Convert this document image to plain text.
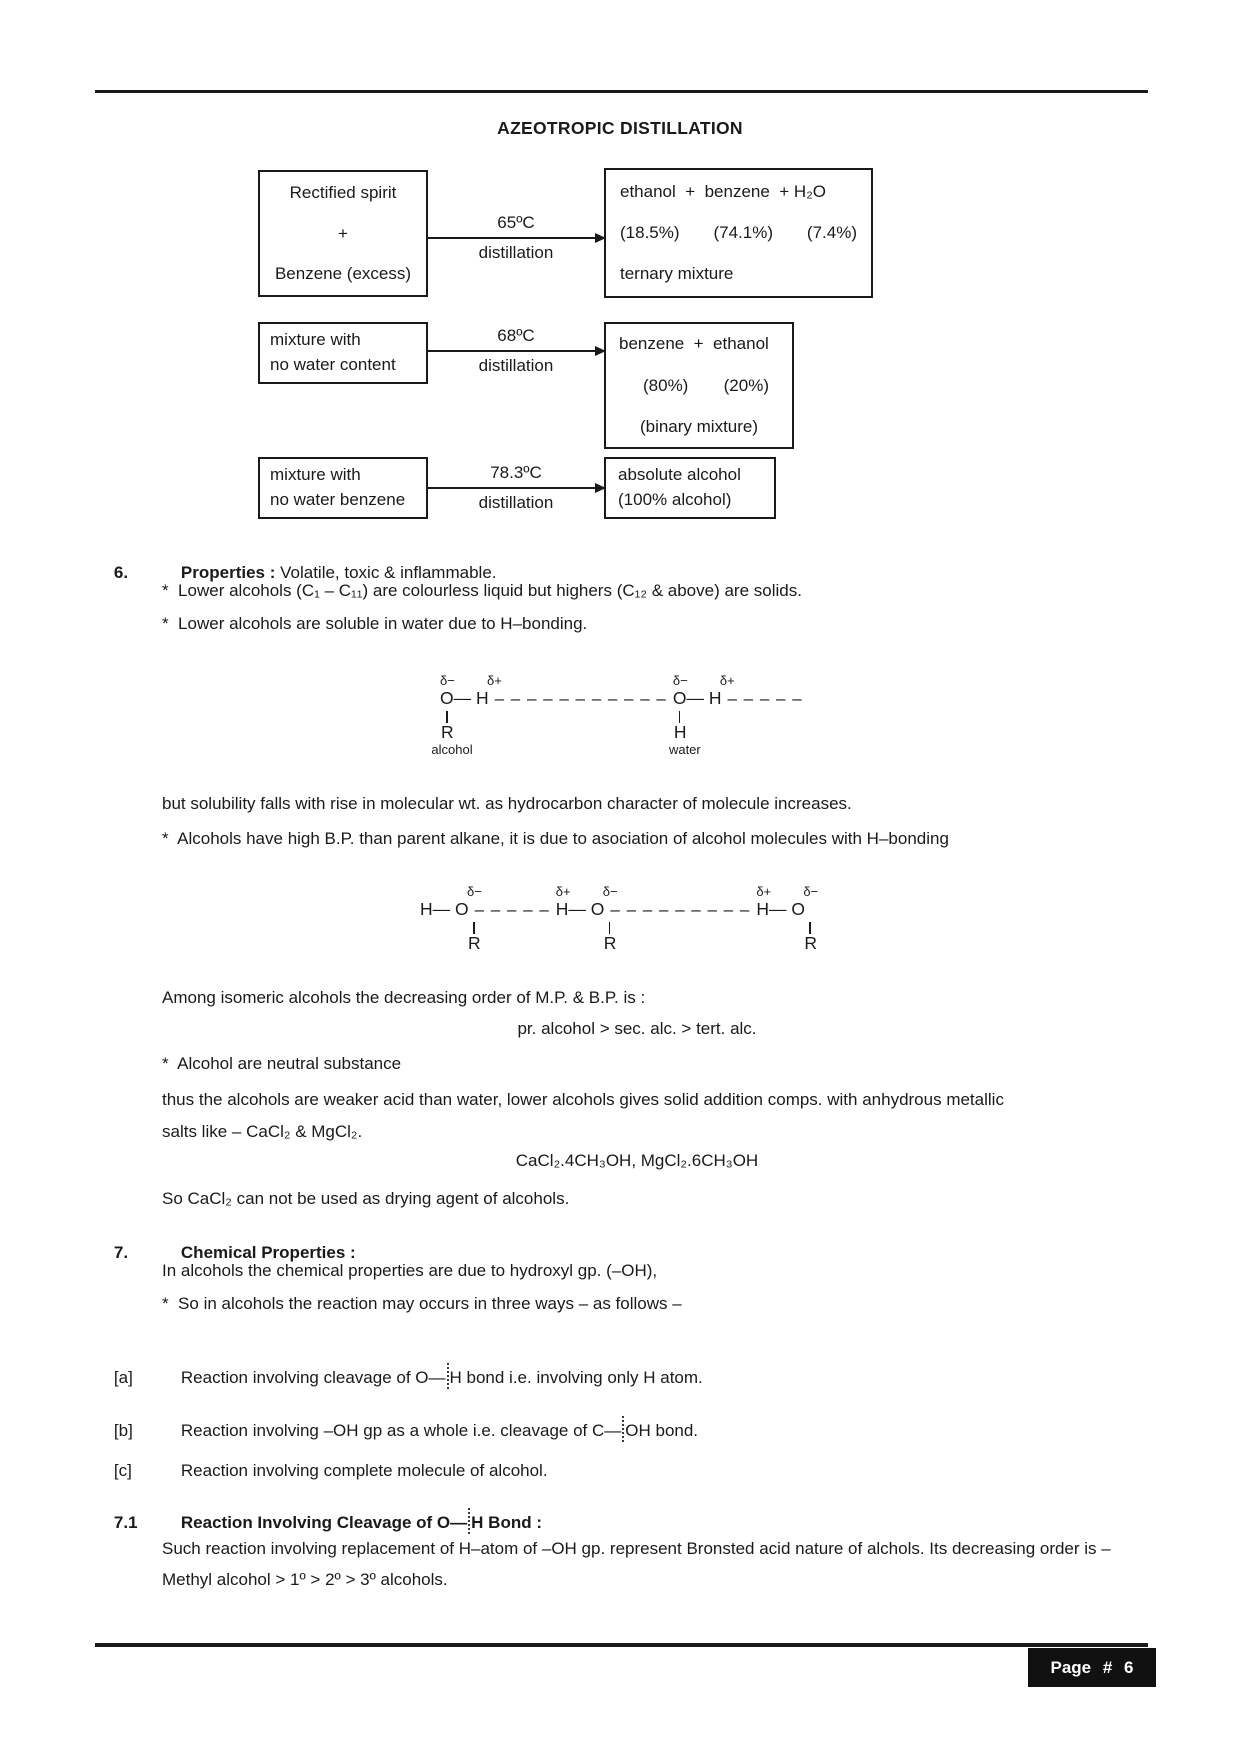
AZEOTROPIC DISTILLATION
Rectified spirit
+
Benzene (excess)
65ºC
distillation
ethanol  +  benzene  + H₂O
(18.5%) (74.1%) (7.4%)
ternary mixture
mixture with
no water content
68ºC
distillation
benzene  +  ethanol
(80%) (20%)
(binary mixture)
mixture with
no water benzene
78.3ºC
distillation
absolute alcohol
(100% alcohol)

6.	Properties : Volatile, toxic & inflammable.

*  Lower alcohols (C₁ – C₁₁) are colourless liquid but highers (C₁₂ & above) are solids.
*  Lower alcohols are soluble in water due to H–bonding.
δ− δ+
O— H – – – – – – – – – – –
R
alcohol
δ− δ+
O— H – – – – –
H
water
but solubility falls with rise in molecular wt. as hydrocarbon character of molecule increases.
*  Alcohols have high B.P. than parent alkane, it is due to asociation of alcohol molecules with H–bonding
δ−
H— O – – – – –
R
δ+ δ−
H— O – – – – – – – – –
R
δ+ δ−
H— O
R
Among isomeric alcohols the decreasing order of M.P. & B.P. is :
pr. alcohol > sec. alc. > tert. alc.
*  Alcohol are neutral substance
thus the alcohols are weaker acid than water, lower alcohols gives solid addition comps. with anhydrous metallic salts like – CaCl₂ & MgCl₂.
CaCl₂.4CH₃OH, MgCl₂.6CH₃OH
So CaCl₂ can not be used as drying agent of alcohols.

7.	Chemical Properties :

In alcohols the chemical properties are due to hydroxyl gp. (–OH),
*  So in alcohols the reaction may occurs in three ways – as follows –

[a]	Reaction involving cleavage of O— H bond i.e. involving only H atom.

[b]	Reaction involving –OH gp as a whole i.e. cleavage of C— OH bond.

[c]	Reaction involving complete molecule of alcohol.

7.1	Reaction Involving Cleavage of O— H Bond :

Such reaction involving replacement of H–atom of –OH gp. represent Bronsted acid nature of alchols. Its decreasing order is – Methyl alcohol > 1º > 2º > 3º alcohols.
Page # 6
